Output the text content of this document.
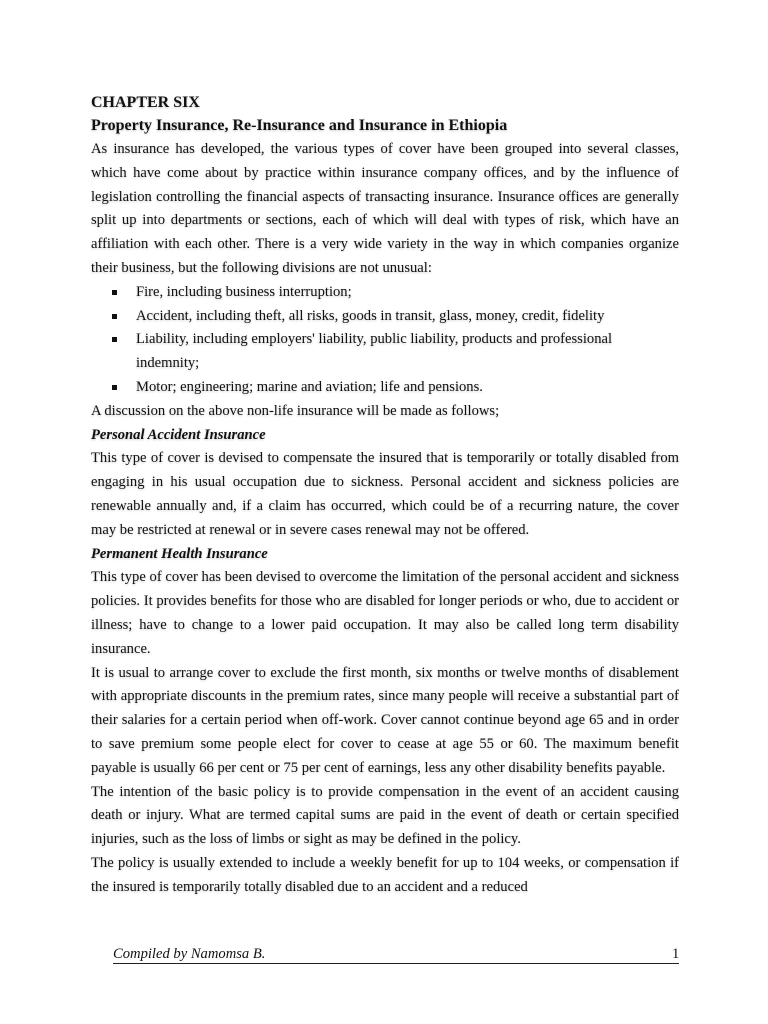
CHAPTER SIX

Property Insurance, Re-Insurance and Insurance in Ethiopia

As insurance has developed, the various types of cover have been grouped into several classes, which have come about by practice within insurance company offices, and by the influence of legislation controlling the financial aspects of transacting insurance. Insurance offices are generally split up into departments or sections, each of which will deal with types of risk, which have an affiliation with each other. There is a very wide variety in the way in which companies organize their business, but the following divisions are not unusual:

Fire, including business interruption;
Accident, including theft, all risks, goods in transit, glass, money, credit, fidelity
Liability, including employers' liability, public liability, products and professional indemnity;
Motor; engineering; marine and aviation; life and pensions.

A discussion on the above non-life insurance will be made as follows;

Personal Accident Insurance

This type of cover is devised to compensate the insured that is temporarily or totally disabled from engaging in his usual occupation due to sickness. Personal accident and sickness policies are renewable annually and, if a claim has occurred, which could be of a recurring nature, the cover may be restricted at renewal or in severe cases renewal may not be offered.

Permanent Health Insurance

This type of cover has been devised to overcome the limitation of the personal accident and sickness policies. It provides benefits for those who are disabled for longer periods or who, due to accident or illness; have to change to a lower paid occupation. It may also be called long term disability insurance.

It is usual to arrange cover to exclude the first month, six months or twelve months of disablement with appropriate discounts in the premium rates, since many people will receive a substantial part of their salaries for a certain period when off-work. Cover cannot continue beyond age 65 and in order to save premium some people elect for cover to cease at age 55 or 60. The maximum benefit payable is usually 66 per cent or 75 per cent of earnings, less any other disability benefits payable.

The intention of the basic policy is to provide compensation in the event of an accident causing death or injury. What are termed capital sums are paid in the event of death or certain specified injuries, such as the loss of limbs or sight as may be defined in the policy.

The policy is usually extended to include a weekly benefit for up to 104 weeks, or compensation if the insured is temporarily totally disabled due to an accident and a reduced

Compiled by Namomsa B.	1
